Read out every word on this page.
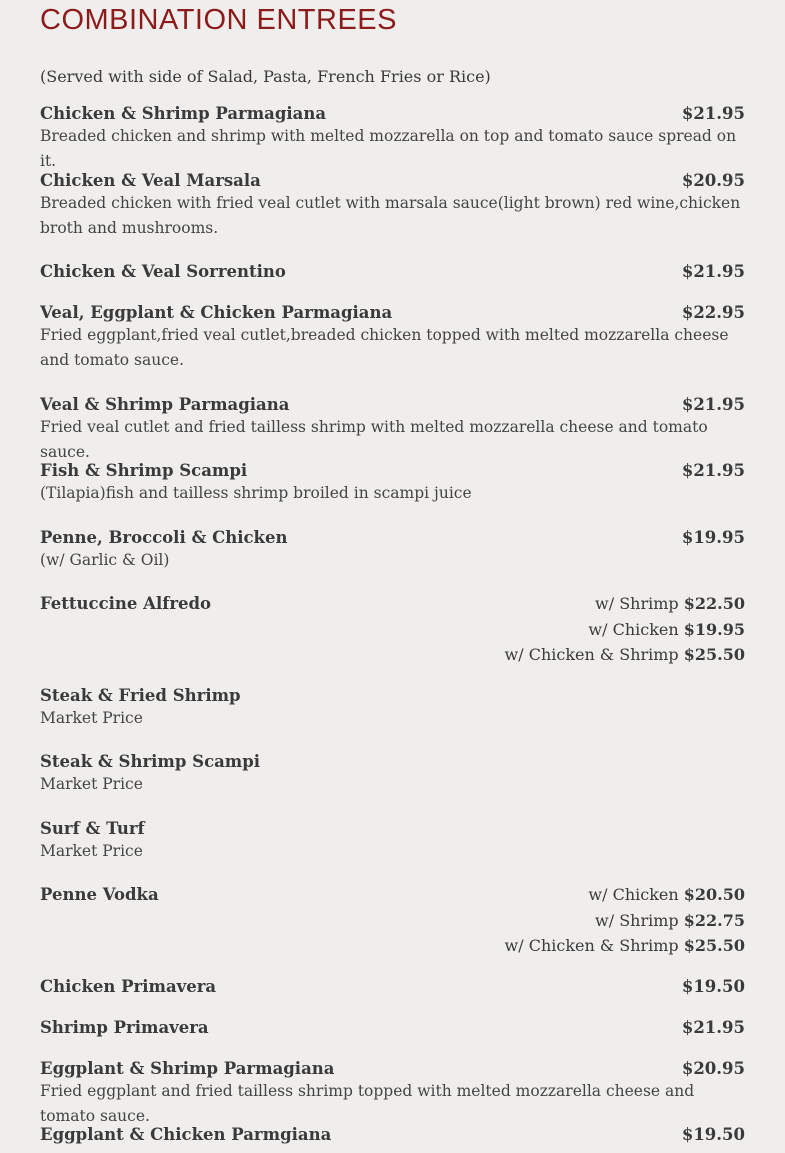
COMBINATION ENTREES
(Served with side of Salad, Pasta, French Fries or Rice)
Chicken & Shrimp Parmagiana	$21.95
Breaded chicken and shrimp with melted mozzarella on top and tomato sauce spread on it.
Chicken & Veal Marsala	$20.95
Breaded chicken with fried veal cutlet with marsala sauce(light brown) red wine,chicken broth and mushrooms.
Chicken & Veal Sorrentino	$21.95
Veal, Eggplant & Chicken Parmagiana	$22.95
Fried eggplant,fried veal cutlet,breaded chicken topped with melted mozzarella cheese and tomato sauce.
Veal & Shrimp Parmagiana	$21.95
Fried veal cutlet and fried tailless shrimp with melted mozzarella cheese and tomato sauce.
Fish & Shrimp Scampi	$21.95
(Tilapia)fish and tailless shrimp broiled in scampi juice
Penne, Broccoli & Chicken	$19.95
(w/ Garlic & Oil)
Fettuccine Alfredo	w/ Shrimp $22.50
w/ Chicken $19.95
w/ Chicken & Shrimp $25.50
Steak & Fried Shrimp
Market Price
Steak & Shrimp Scampi
Market Price
Surf & Turf
Market Price
Penne Vodka	w/ Chicken $20.50
w/ Shrimp $22.75
w/ Chicken & Shrimp $25.50
Chicken Primavera	$19.50
Shrimp Primavera	$21.95
Eggplant & Shrimp Parmagiana	$20.95
Fried eggplant and fried tailless shrimp topped with melted mozzarella cheese and tomato sauce.
Eggplant & Chicken Parmgiana	$19.50
